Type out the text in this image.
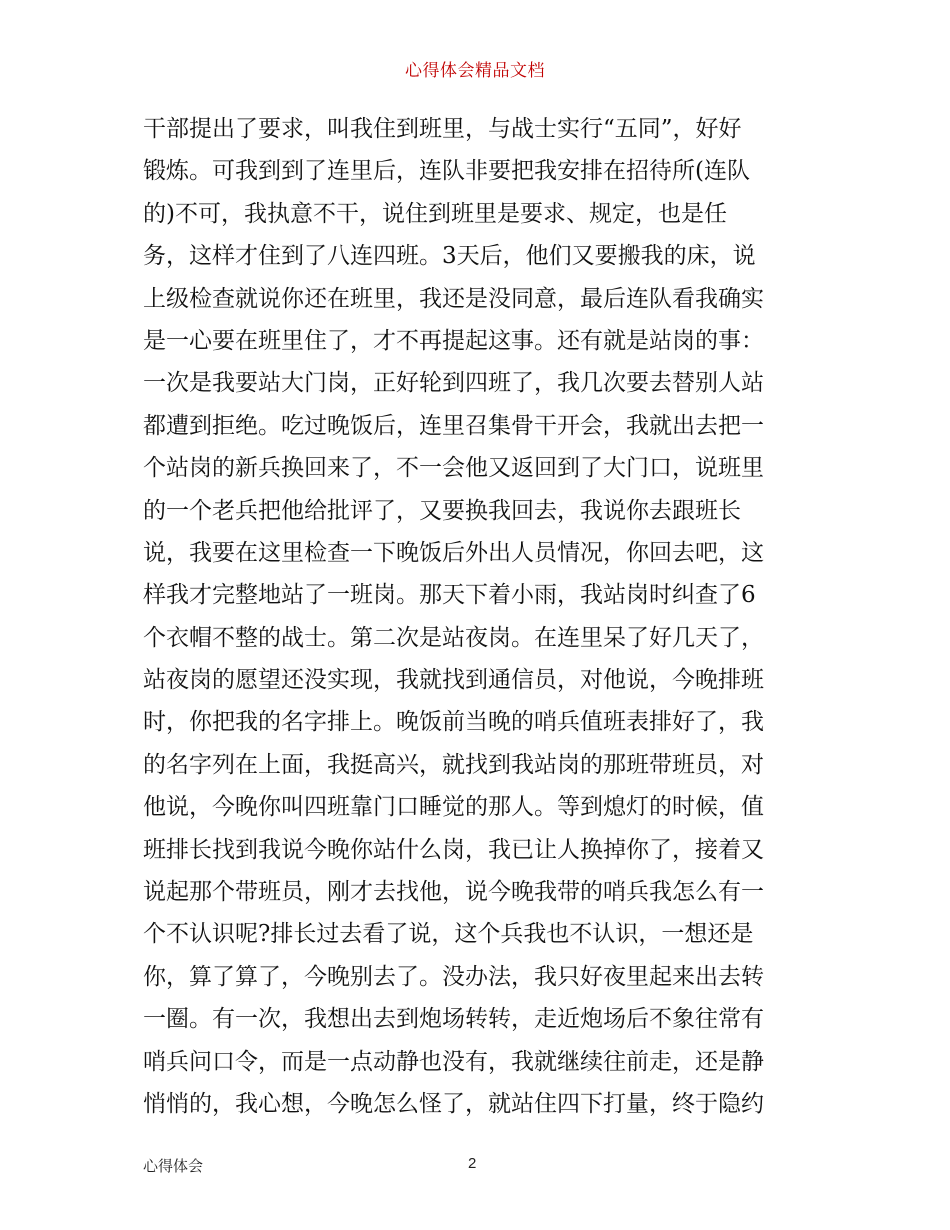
心得体会精品文档
干部提出了要求，叫我住到班里，与战士实行“五同”，好好
锻炼。可我到到了连里后，连队非要把我安排在招待所(连队
的)不可，我执意不干，说住到班里是要求、规定，也是任
务，这样才住到了八连四班。3天后，他们又要搬我的床，说
上级检查就说你还在班里，我还是没同意，最后连队看我确实
是一心要在班里住了，才不再提起这事。还有就是站岗的事：
一次是我要站大门岗，正好轮到四班了，我几次要去替别人站
都遭到拒绝。吃过晚饭后，连里召集骨干开会，我就出去把一
个站岗的新兵换回来了，不一会他又返回到了大门口，说班里
的一个老兵把他给批评了，又要换我回去，我说你去跟班长
说，我要在这里检查一下晚饭后外出人员情况，你回去吧，这
样我才完整地站了一班岗。那天下着小雨，我站岗时纠查了6
个衣帽不整的战士。第二次是站夜岗。在连里呆了好几天了，
站夜岗的愿望还没实现，我就找到通信员，对他说，今晚排班
时，你把我的名字排上。晚饭前当晚的哨兵值班表排好了，我
的名字列在上面，我挺高兴，就找到我站岗的那班带班员，对
他说，今晚你叫四班靠门口睡觉的那人。等到熄灯的时候，值
班排长找到我说今晚你站什么岗，我已让人换掉你了，接着又
说起那个带班员，刚才去找他，说今晚我带的哨兵我怎么有一
个不认识呢?排长过去看了说，这个兵我也不认识，一想还是
你，算了算了，今晚别去了。没办法，我只好夜里起来出去转
一圈。有一次，我想出去到炮场转转，走近炮场后不象往常有
哨兵问口令，而是一点动静也没有，我就继续往前走，还是静
悄悄的，我心想，今晚怎么怪了，就站住四下打量，终于隐约
心得体会	2
